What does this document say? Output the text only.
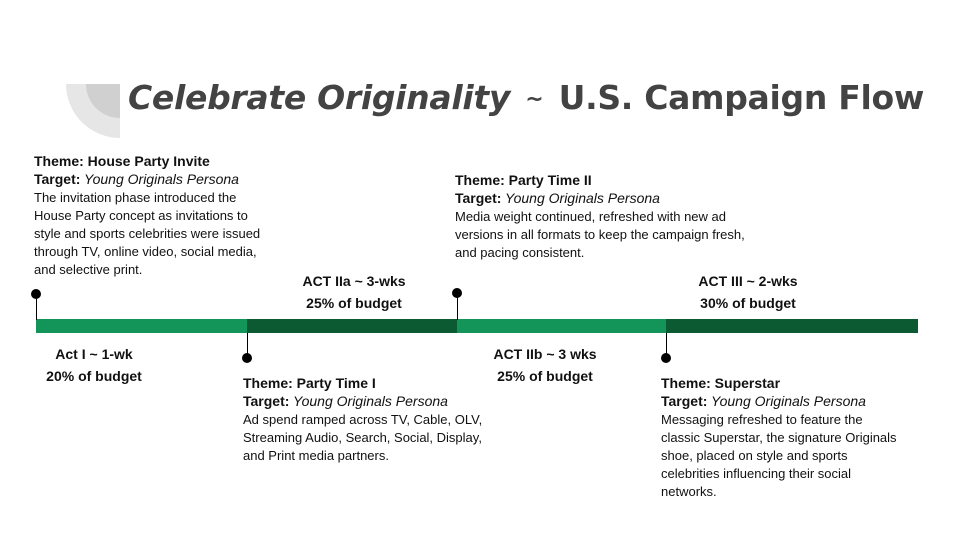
Celebrate Originality ~ U.S. Campaign Flow
Act I ~ 1-wk
20% of budget
ACT IIa ~ 3-wks
25% of budget
ACT IIb ~ 3 wks
25% of budget
ACT III ~ 2-wks
30% of budget
Theme: House Party Invite
Target: Young Originals Persona
The invitation phase introduced the House Party concept as invitations to style and sports celebrities were issued through TV, online video, social media, and selective print.
Theme: Party Time I
Target: Young Originals Persona
Ad spend ramped across TV, Cable, OLV, Streaming Audio, Search, Social, Display, and Print media partners.
Theme: Party Time II
Target: Young Originals Persona
Media weight continued, refreshed with new ad versions in all formats to keep the campaign fresh, and pacing consistent.
Theme: Superstar
Target: Young Originals Persona
Messaging refreshed to feature the classic Superstar, the signature Originals shoe, placed on style and sports celebrities influencing their social networks.
